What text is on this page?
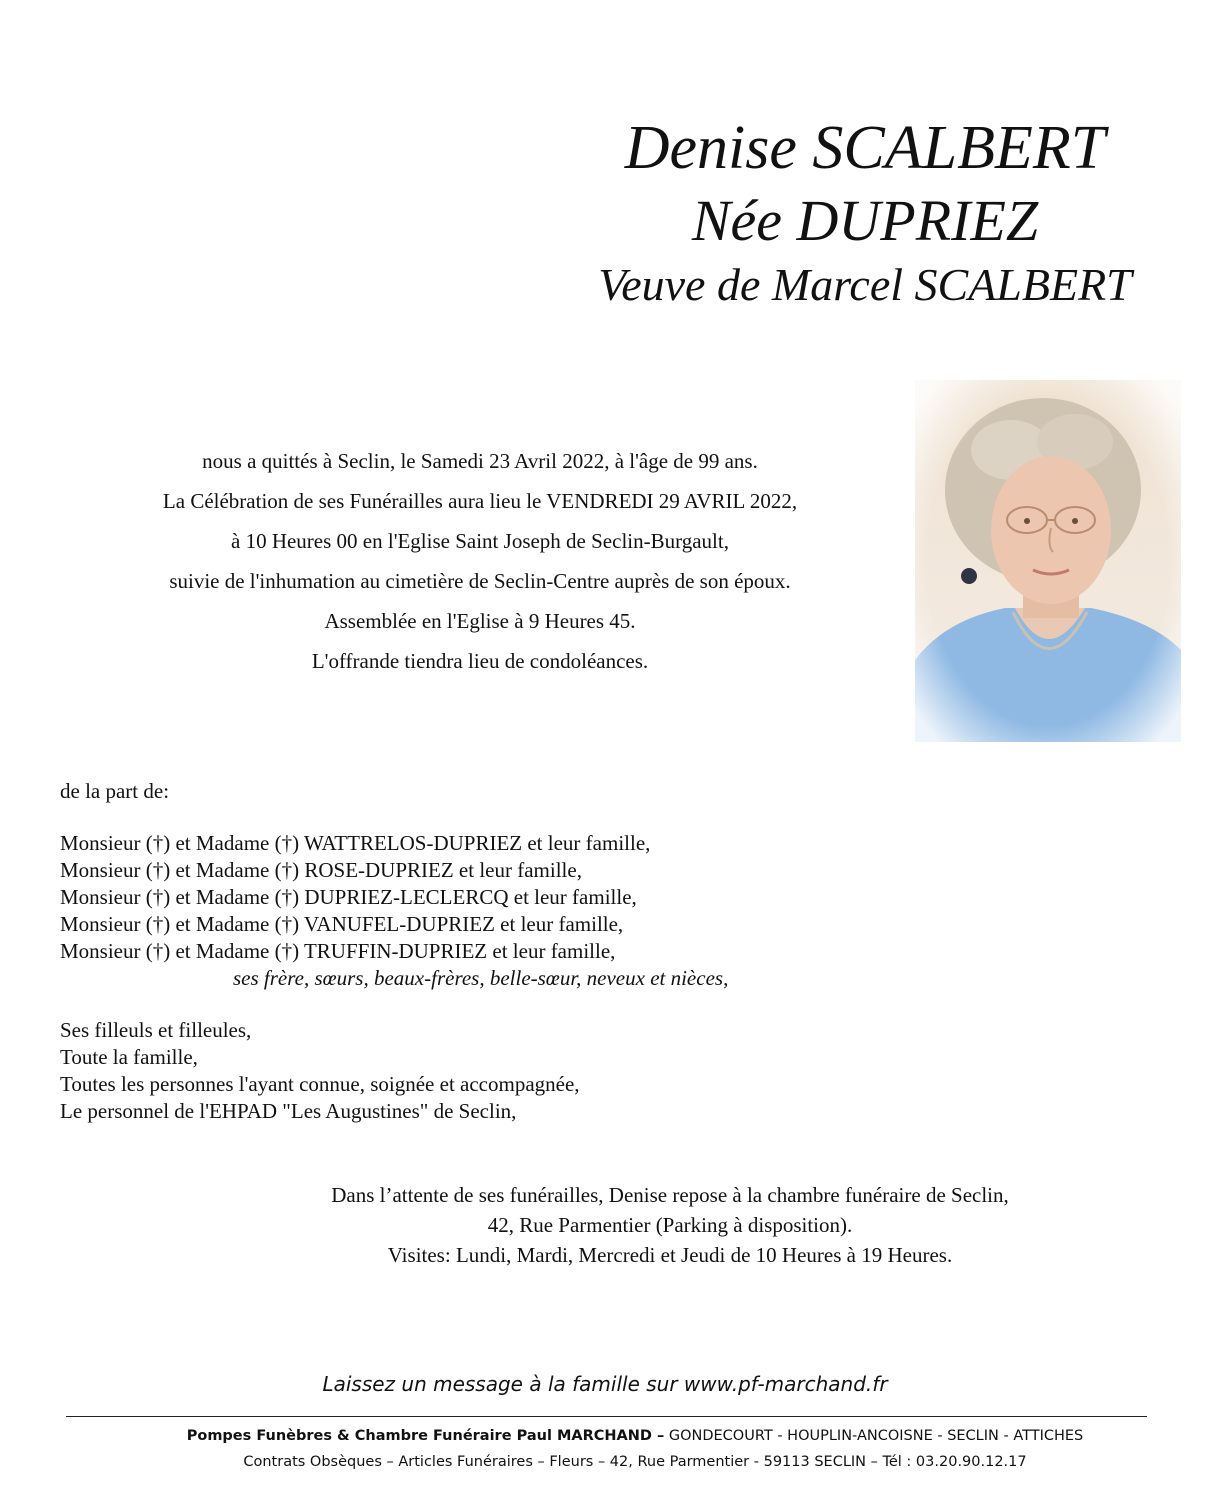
Denise SCALBERT
Née DUPRIEZ
Veuve de Marcel SCALBERT
nous a quittés à Seclin, le Samedi 23 Avril 2022, à l'âge de 99 ans.
La Célébration de ses Funérailles aura lieu le VENDREDI 29 AVRIL 2022,
à 10 Heures 00 en l'Eglise Saint Joseph de Seclin-Burgault,
suivie de l'inhumation au cimetière de Seclin-Centre auprès de son époux.
Assemblée en l'Eglise à 9 Heures 45.
L'offrande tiendra lieu de condoléances.
de la part de:
Monsieur (†) et Madame (†) WATTRELOS-DUPRIEZ et leur famille,
Monsieur (†) et Madame (†) ROSE-DUPRIEZ et leur famille,
Monsieur (†) et Madame (†) DUPRIEZ-LECLERCQ et leur famille,
Monsieur (†) et Madame (†) VANUFEL-DUPRIEZ et leur famille,
Monsieur (†) et Madame (†) TRUFFIN-DUPRIEZ et leur famille,
ses frère, sœurs, beaux-frères, belle-sœur, neveux et nièces,
Ses filleuls et filleules,
Toute la famille,
Toutes les personnes l'ayant connue, soignée et accompagnée,
Le personnel de l'EHPAD "Les Augustines" de Seclin,
Dans l’attente de ses funérailles, Denise repose à la chambre funéraire de Seclin,
42, Rue Parmentier (Parking à disposition).
Visites: Lundi, Mardi, Mercredi et Jeudi de 10 Heures à 19 Heures.
Laissez un message à la famille sur www.pf-marchand.fr
Pompes Funèbres & Chambre Funéraire Paul MARCHAND – GONDECOURT - HOUPLIN-ANCOISNE - SECLIN - ATTICHES
Contrats Obsèques – Articles Funéraires – Fleurs – 42, Rue Parmentier - 59113 SECLIN – Tél : 03.20.90.12.17
